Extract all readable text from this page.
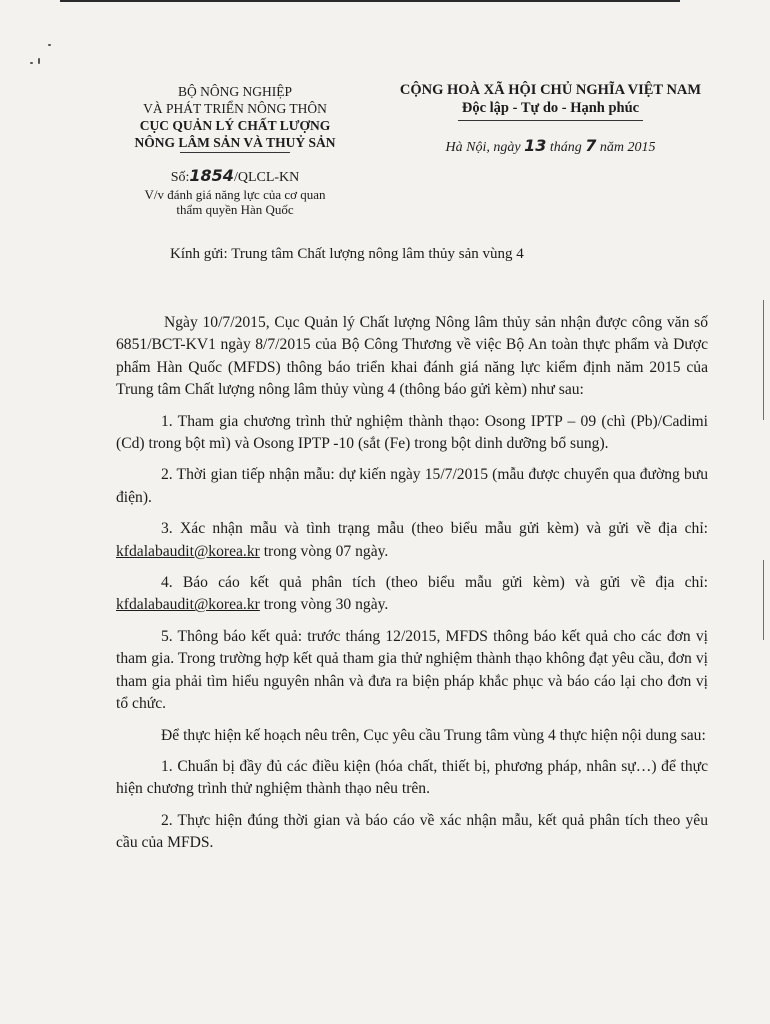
BỘ NÔNG NGHIỆP
VÀ PHÁT TRIỂN NÔNG THÔN
CỤC QUẢN LÝ CHẤT LƯỢNG
NÔNG LÂM SẢN VÀ THUỶ SẢN
CỘNG HOÀ XÃ HỘI CHỦ NGHĨA VIỆT NAM
Độc lập - Tự do - Hạnh phúc
Hà Nội, ngày 13 tháng 7 năm 2015
Số:1854/QLCL-KN
V/v đánh giá năng lực của cơ quan
thẩm quyền Hàn Quốc
Kính gửi: Trung tâm Chất lượng nông lâm thủy sản vùng 4

Ngày 10/7/2015, Cục Quản lý Chất lượng Nông lâm thủy sản nhận được công văn số 6851/BCT-KV1 ngày 8/7/2015 của Bộ Công Thương về việc Bộ An toàn thực phẩm và Dược phẩm Hàn Quốc (MFDS) thông báo triển khai đánh giá năng lực kiểm định năm 2015 của Trung tâm Chất lượng nông lâm thủy vùng 4 (thông báo gửi kèm) như sau:

1. Tham gia chương trình thử nghiệm thành thạo: Osong IPTP – 09 (chì (Pb)/Cadimi (Cd) trong bột mì) và Osong IPTP -10 (sắt (Fe) trong bột dinh dưỡng bổ sung).

2. Thời gian tiếp nhận mẫu: dự kiến ngày 15/7/2015 (mẫu được chuyển qua đường bưu điện).

3. Xác nhận mẫu và tình trạng mẫu (theo biểu mẫu gửi kèm) và gửi về địa chỉ: kfdalabaudit@korea.kr trong vòng 07 ngày.

4. Báo cáo kết quả phân tích (theo biểu mẫu gửi kèm) và gửi về địa chỉ: kfdalabaudit@korea.kr trong vòng 30 ngày.

5. Thông báo kết quả: trước tháng 12/2015, MFDS thông báo kết quả cho các đơn vị tham gia. Trong trường hợp kết quả tham gia thử nghiệm thành thạo không đạt yêu cầu, đơn vị tham gia phải tìm hiểu nguyên nhân và đưa ra biện pháp khắc phục và báo cáo lại cho đơn vị tổ chức.

Để thực hiện kế hoạch nêu trên, Cục yêu cầu Trung tâm vùng 4 thực hiện nội dung sau:

1. Chuẩn bị đầy đủ các điều kiện (hóa chất, thiết bị, phương pháp, nhân sự…) để thực hiện chương trình thử nghiệm thành thạo nêu trên.

2. Thực hiện đúng thời gian và báo cáo về xác nhận mẫu, kết quả phân tích theo yêu cầu của MFDS.
